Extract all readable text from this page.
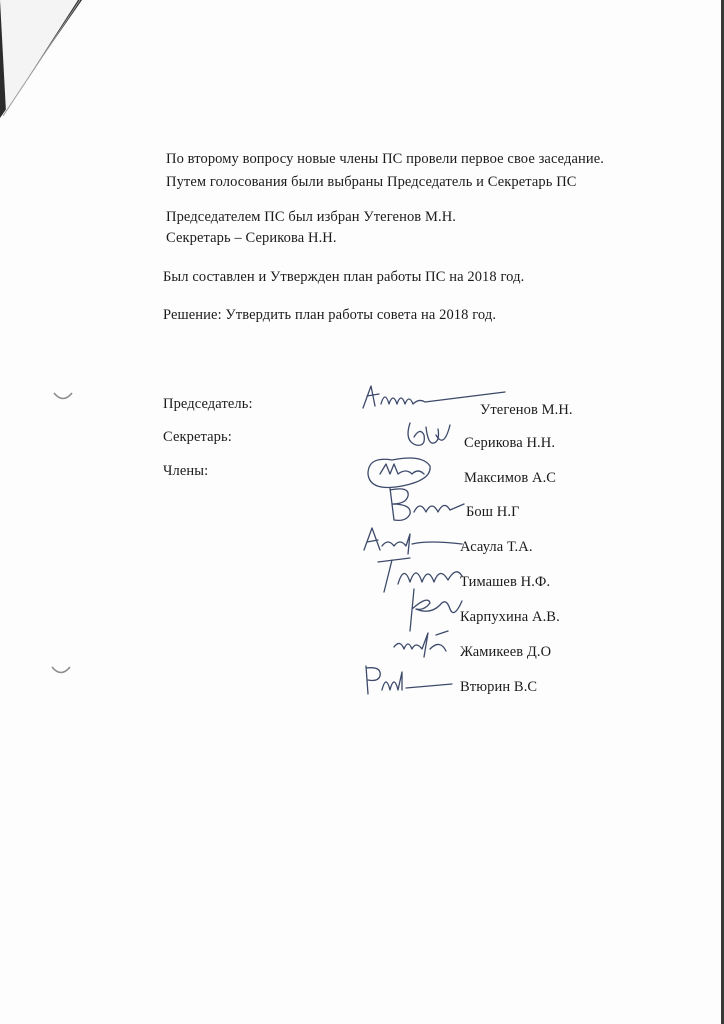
По второму вопросу новые члены ПС провели первое свое заседание.
Путем голосования были выбраны Председатель и Секретарь ПС
Председателем ПС был избран Утегенов М.Н.
Секретарь – Серикова Н.Н.
Был составлен и Утвержден план работы ПС на 2018 год.
Решение: Утвердить план работы совета на 2018 год.
Председатель:
Секретарь:
Члены:
Утегенов М.Н.
Серикова Н.Н.
Максимов А.С
Бош Н.Г
Асаула Т.А.
Тимашев Н.Ф.
Карпухина А.В.
Жамикеев Д.О
Втюрин В.С
